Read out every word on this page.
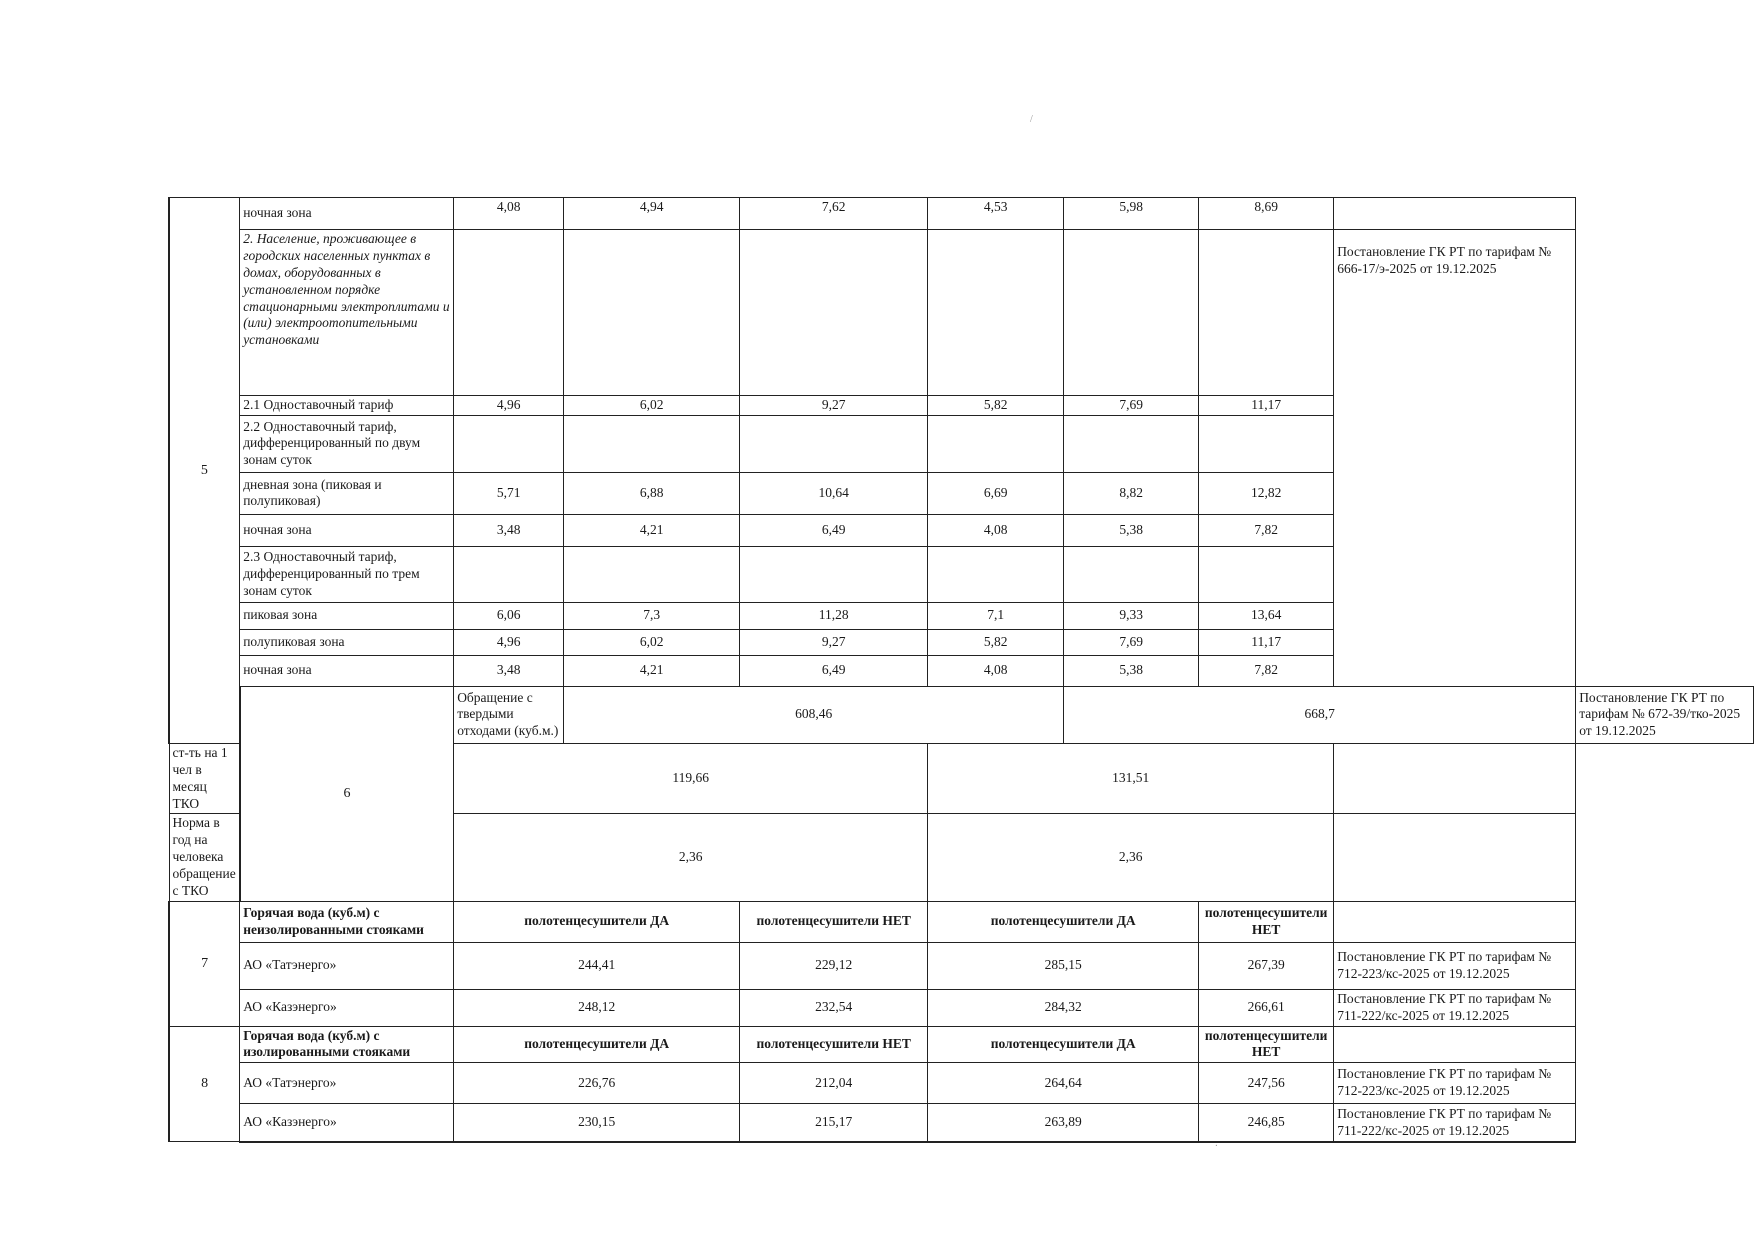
/
:
5	ночная зона	4,08	4,94	7,62	4,53	5,98	8,69		
	2. Население, проживающее в городских населенных пунктах в домах, оборудованных в установленном порядке стационарными электроплитами и (или) электроотопительными установками							Постановление ГК РТ по тарифам № 666-17/э-2025 от 19.12.2025	
	2.1 Одноставочный тариф	4,96	6,02	9,27	5,82	7,69	11,17		
	2.2 Одноставочный тариф, дифференцированный по двум зонам суток								
	дневная зона (пиковая и полупиковая)	5,71	6,88	10,64	6,69	8,82	12,82		
	ночная зона	3,48	4,21	6,49	4,08	5,38	7,82		
	2.3 Одноставочный тариф, дифференцированный по трем зонам суток								
	пиковая зона	6,06	7,3	11,28	7,1	9,33	13,64		
	полупиковая зона	4,96	6,02	9,27	5,82	7,69	11,17		
	ночная зона	3,48	4,21	6,49	4,08	5,38	7,82		
	6	Обращение с твердыми отходами (куб.м.)	608,46			668,7			Постановление ГК РТ по тарифам № 672-39/тко-2025 от 19.12.2025
ст-ть на 1 чел в месяц ТКО		119,66			131,51				
Норма в год на человека обращение с ТКО		2,36			2,36				
7	Горячая вода (куб.м) с неизолированными стояками	полотенцесушители ДА		полотенцесушители НЕТ	полотенцесушители ДА		полотенцесушители НЕТ		
	АО «Татэнерго»	244,41		229,12	285,15		267,39	Постановление ГК РТ по тарифам № 712-223/кс-2025 от 19.12.2025	
	АО «Казэнерго»	248,12		232,54	284,32		266,61	Постановление ГК РТ по тарифам № 711-222/кс-2025 от 19.12.2025	
8	Горячая вода (куб.м) с изолированными стояками	полотенцесушители ДА		полотенцесушители НЕТ	полотенцесушители ДА		полотенцесушители НЕТ		
	АО «Татэнерго»	226,76		212,04	264,64		247,56	Постановление ГК РТ по тарифам № 712-223/кс-2025 от 19.12.2025	
	АО «Казэнерго»	230,15		215,17	263,89		246,85	Постановление ГК РТ по тарифам № 711-222/кс-2025 от 19.12.2025	
